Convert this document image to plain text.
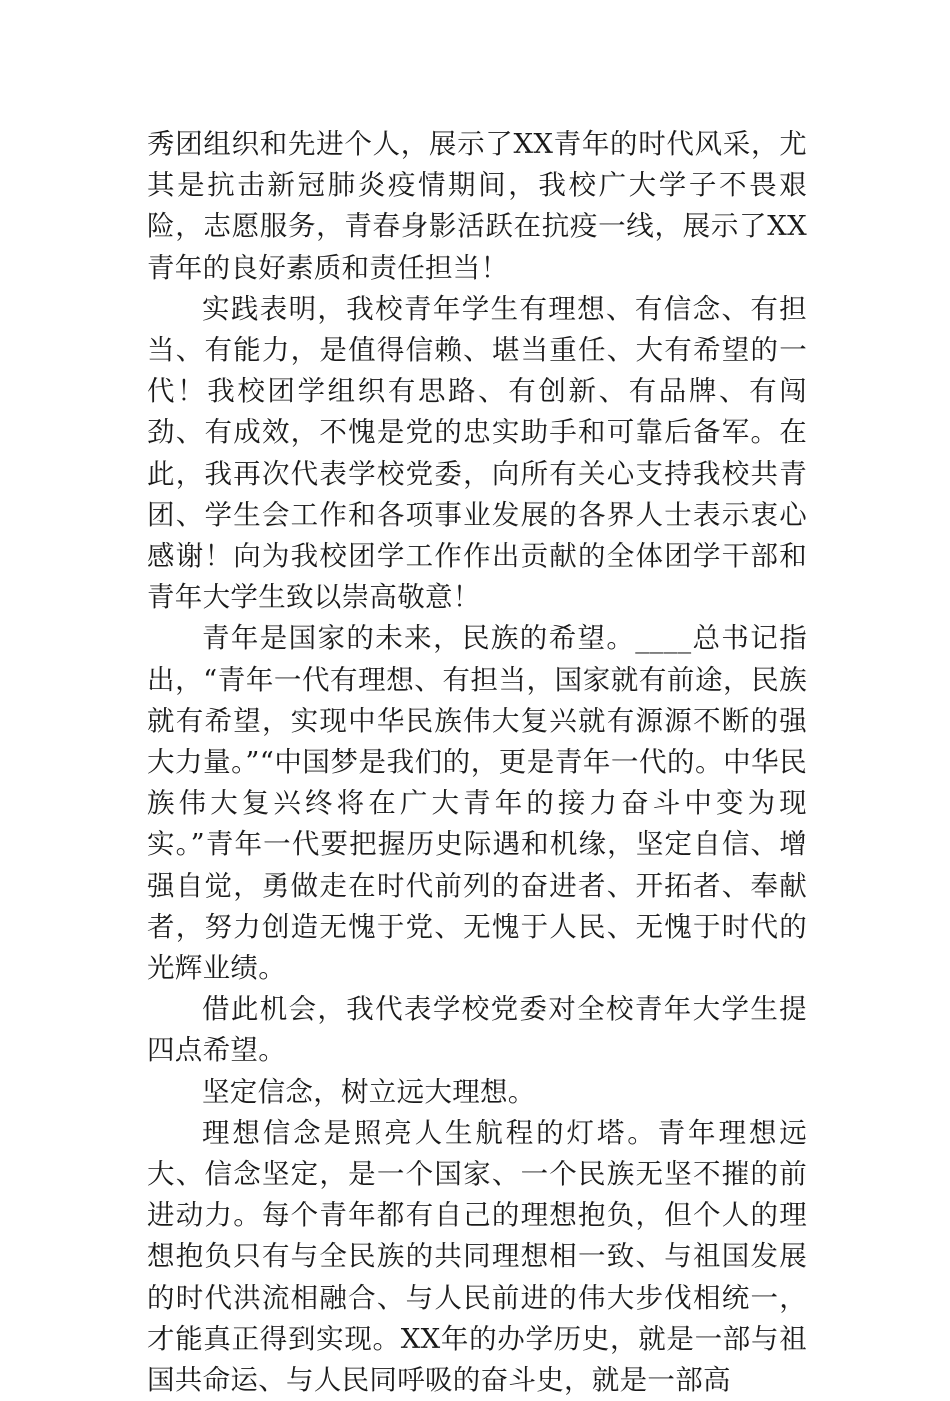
秀团组织和先进个人，展示了XX青年的时代风采，尤其是抗击新冠肺炎疫情期间，我校广大学子不畏艰险，志愿服务，青春身影活跃在抗疫一线，展示了XX青年的良好素质和责任担当！

实践表明，我校青年学生有理想、有信念、有担当、有能力，是值得信赖、堪当重任、大有希望的一代！我校团学组织有思路、有创新、有品牌、有闯劲、有成效，不愧是党的忠实助手和可靠后备军。在此，我再次代表学校党委，向所有关心支持我校共青团、学生会工作和各项事业发展的各界人士表示衷心感谢！向为我校团学工作作出贡献的全体团学干部和青年大学生致以崇高敬意！

青年是国家的未来，民族的希望。____总书记指出，“青年一代有理想、有担当，国家就有前途，民族就有希望，实现中华民族伟大复兴就有源源不断的强大力量。”“中国梦是我们的，更是青年一代的。中华民族伟大复兴终将在广大青年的接力奋斗中变为现实。”青年一代要把握历史际遇和机缘，坚定自信、增强自觉，勇做走在时代前列的奋进者、开拓者、奉献者，努力创造无愧于党、无愧于人民、无愧于时代的光辉业绩。

借此机会，我代表学校党委对全校青年大学生提四点希望。

坚定信念，树立远大理想。

理想信念是照亮人生航程的灯塔。青年理想远大、信念坚定，是一个国家、一个民族无坚不摧的前进动力。每个青年都有自己的理想抱负，但个人的理想抱负只有与全民族的共同理想相一致、与祖国发展的时代洪流相融合、与人民前进的伟大步伐相统一，才能真正得到实现。XX年的办学历史，就是一部与祖国共命运、与人民同呼吸的奋斗史，就是一部高
